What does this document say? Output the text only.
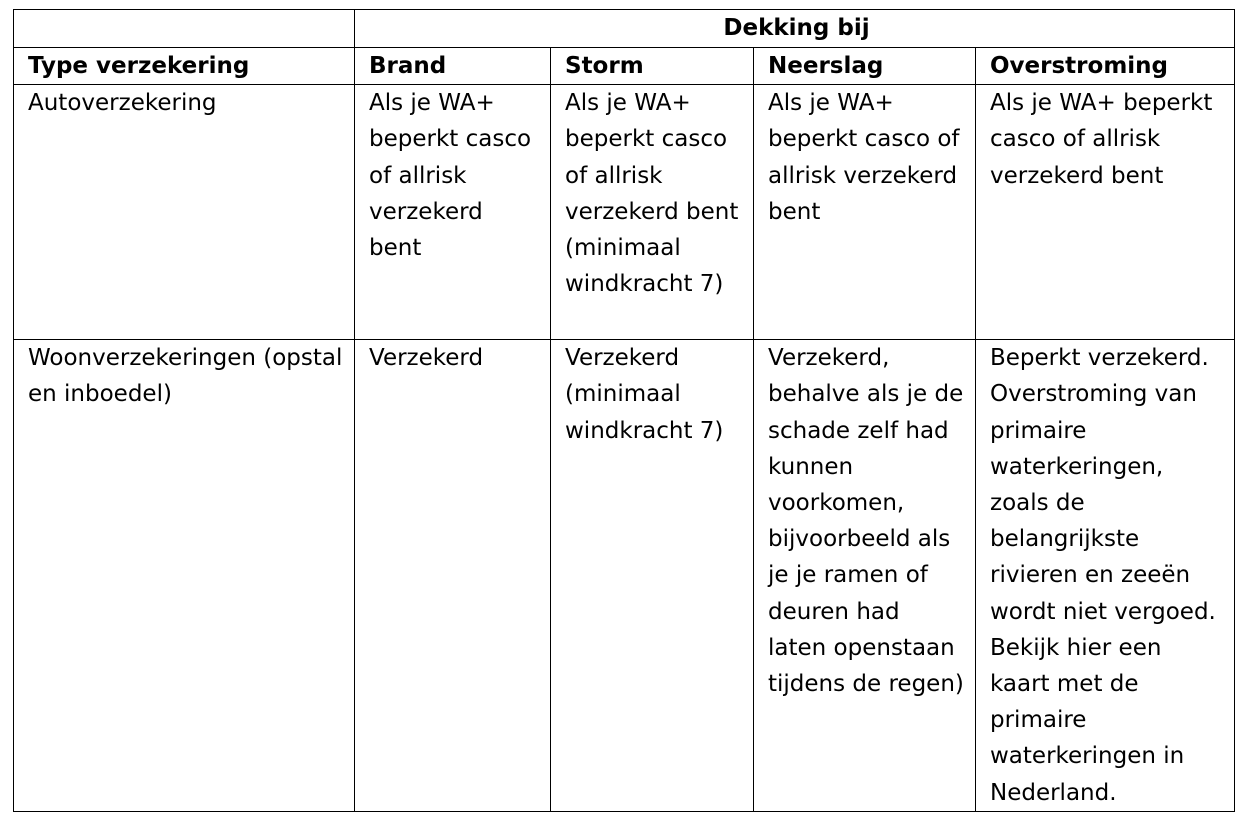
	Dekking bij			
Type verzekering	Brand	Storm	Neerslag	Overstroming

Autoverzekering	Als je WA+ beperkt casco of allrisk verzekerd bent	Als je WA+ beperkt casco of allrisk verzekerd bent (minimaal windkracht 7)	Als je WA+ beperkt casco of allrisk verzekerd bent	Als je WA+ beperkt casco of allrisk verzekerd bent

Woonverzekeringen (opstal en inboedel)	Verzekerd	Verzekerd (minimaal windkracht 7)	Verzekerd, behalve als je de schade zelf had kunnen voorkomen, bijvoorbeeld als je je ramen of deuren had laten openstaan tijdens de regen)	Beperkt verzekerd. Overstroming van primaire waterkeringen, zoals de belangrijkste rivieren en zeeën wordt niet vergoed. Bekijk hier een kaart met de primaire waterkeringen in Nederland.
